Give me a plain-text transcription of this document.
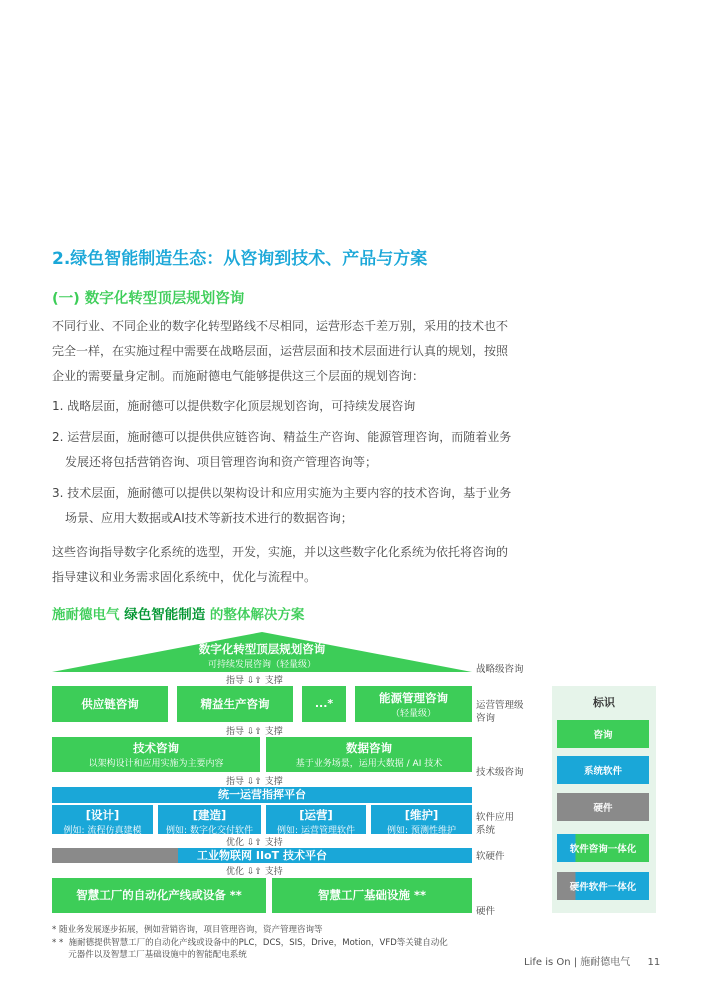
2.绿色智能制造生态：从咨询到技术、产品与方案
(一) 数字化转型顶层规划咨询
不同行业、不同企业的数字化转型路线不尽相同，运营形态千差万别，采用的技术也不
完全一样，在实施过程中需要在战略层面，运营层面和技术层面进行认真的规划，按照
企业的需要量身定制。而施耐德电气能够提供这三个层面的规划咨询：
1. 战略层面，施耐德可以提供数字化顶层规划咨询，可持续发展咨询
2. 运营层面，施耐德可以提供供应链咨询、精益生产咨询、能源管理咨询，而随着业务
发展还将包括营销咨询、项目管理咨询和资产管理咨询等；
3. 技术层面，施耐德可以提供以架构设计和应用实施为主要内容的技术咨询，基于业务
场景、应用大数据或AI技术等新技术进行的数据咨询；
这些咨询指导数字化系统的选型，开发，实施，并以这些数字化化系统为依托将咨询的
指导建议和业务需求固化系统中，优化与流程中。
施耐德电气 绿色智能制造 的整体解决方案
数字化转型顶层规划咨询
可持续发展咨询（轻量级）
指导 ⇩⇧ 支撑
供应链咨询	精益生产咨询	...*	能源管理咨询
（轻量级）
指导 ⇩⇧ 支撑
技术咨询
以架构设计和应用实施为主要内容
数据咨询
基于业务场景，运用大数据 / AI 技术
指导 ⇩⇧ 支撑
统一运营指挥平台
[设计]
例如: 流程仿真建模
[建造]
例如: 数字化交付软件
[运营]
例如: 运营管理软件
[维护]
例如: 预测性维护
优化 ⇩⇧ 支持
工业物联网 IIoT 技术平台
优化 ⇩⇧ 支持
智慧工厂的自动化产线或设备 **	智慧工厂基础设施 **
战略级咨询
运营管理级
咨询
技术级咨询
软件应用
系统
软硬件
硬件
标识
咨询
系统软件
硬件
软件咨询一体化
硬件软件一体化
* 随业务发展逐步拓展，例如营销咨询，项目管理咨询，资产管理咨询等
* *  施耐德提供智慧工厂的自动化产线或设备中的PLC，DCS，SIS，Drive，Motion，VFD等关键自动化
元器件以及智慧工厂基础设施中的智能配电系统
Life is On | 施耐德电气 11
